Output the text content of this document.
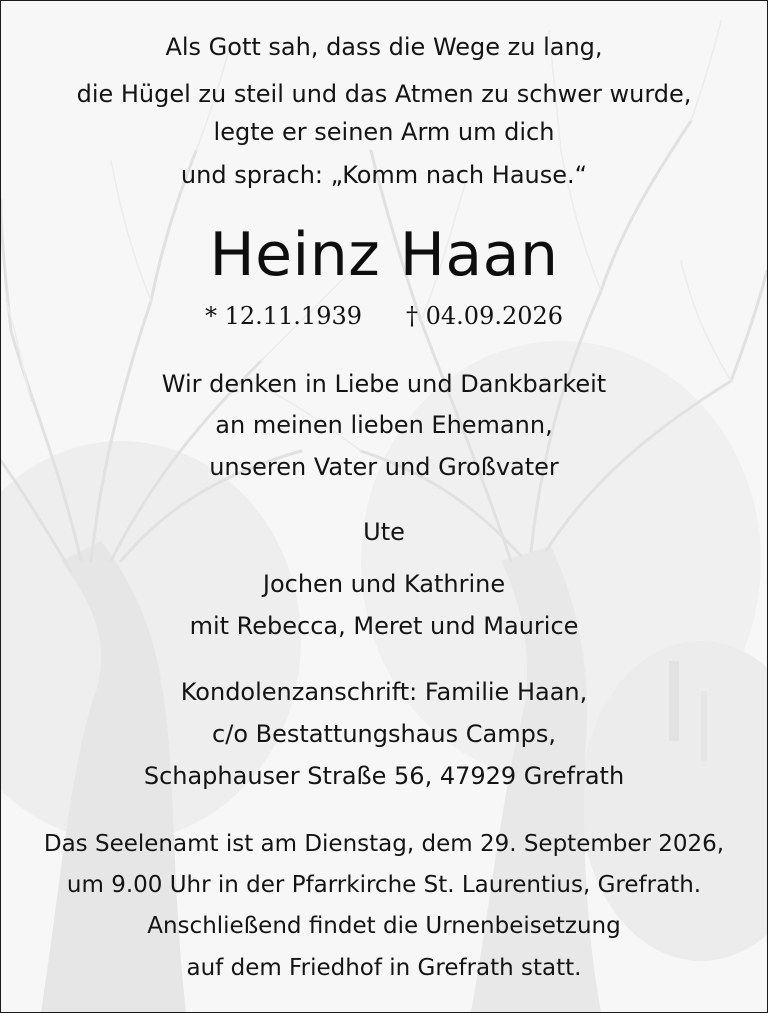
Als Gott sah, dass die Wege zu lang,
die Hügel zu steil und das Atmen zu schwer wurde,
legte er seinen Arm um dich
und sprach: „Komm nach Hause.“
Heinz Haan
* 12.11.1939 † 04.09.2026
Wir denken in Liebe und Dankbarkeit
an meinen lieben Ehemann,
unseren Vater und Großvater
Ute
Jochen und Kathrine
mit Rebecca, Meret und Maurice
Kondolenzanschrift: Familie Haan,
c/o Bestattungshaus Camps,
Schaphauser Straße 56, 47929 Grefrath
Das Seelenamt ist am Dienstag, dem 29. September 2026,
um 9.00 Uhr in der Pfarrkirche St. Laurentius, Grefrath.
Anschließend findet die Urnenbeisetzung
auf dem Friedhof in Grefrath statt.
